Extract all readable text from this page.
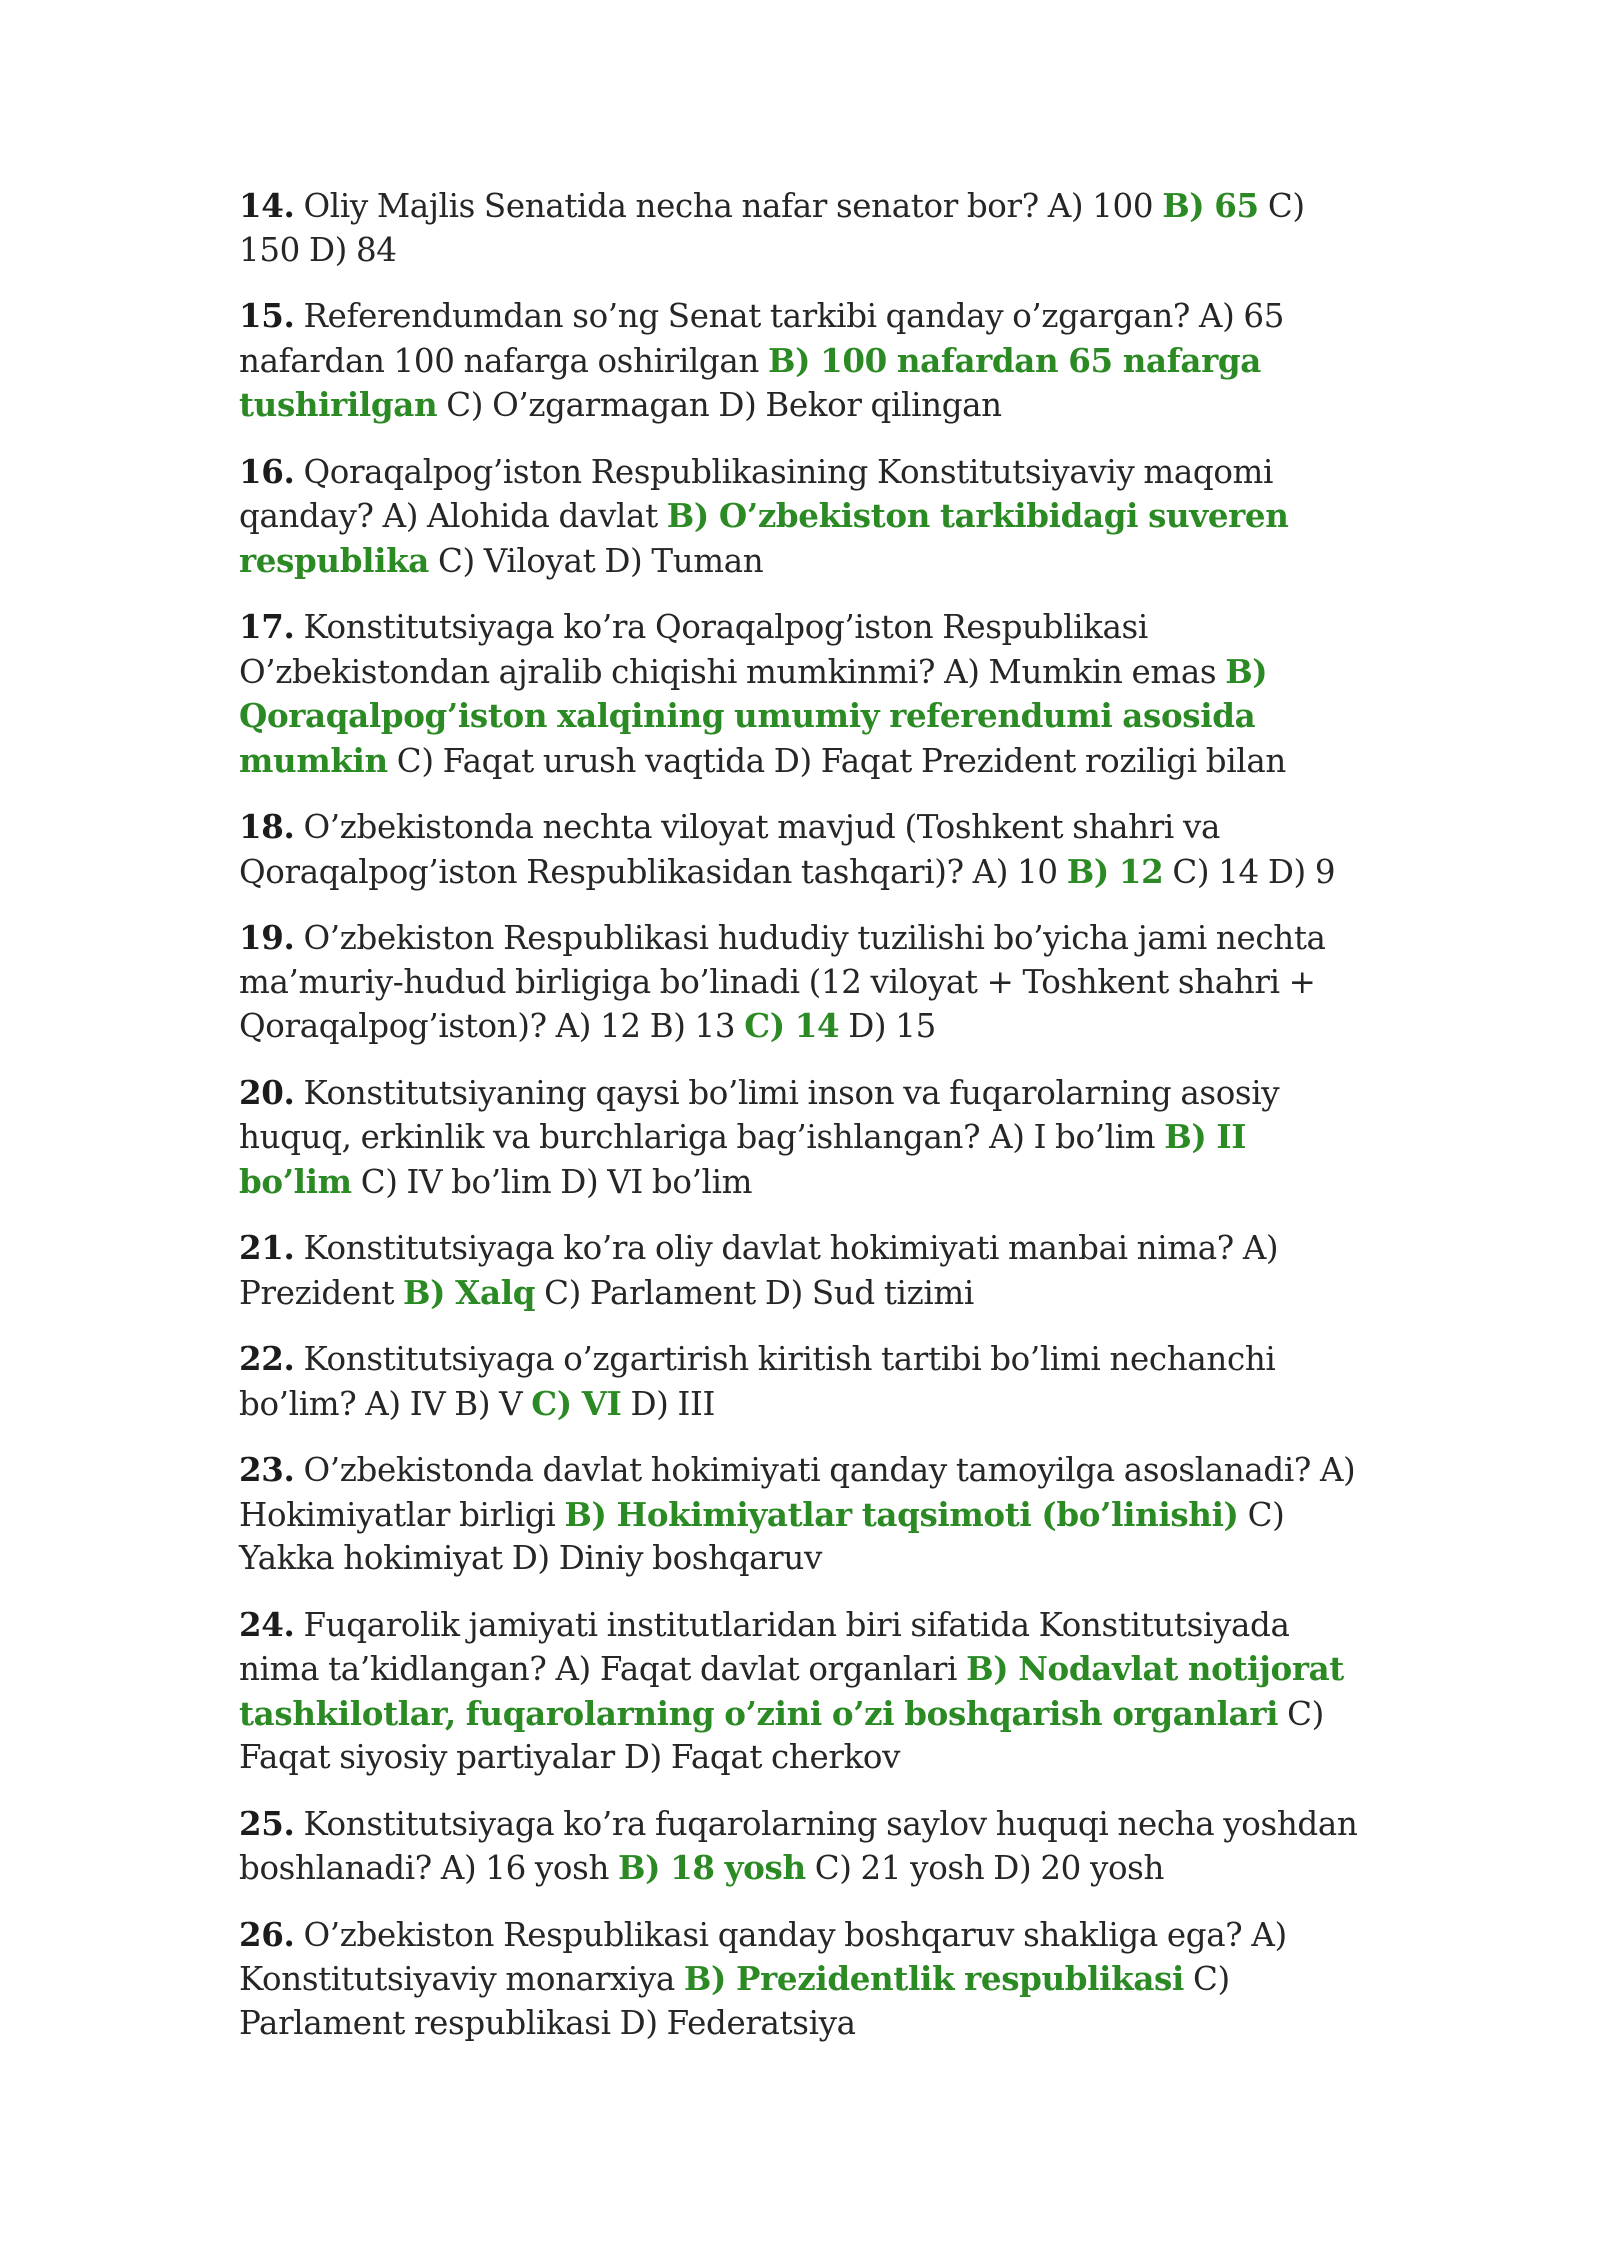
14. Oliy Majlis Senatida necha nafar senator bor? A) 100 B) 65 C) 150 D) 84

15. Referendumdan so’ng Senat tarkibi qanday o’zgargan? A) 65 nafardan 100 nafarga oshirilgan B) 100 nafardan 65 nafarga tushirilgan C) O’zgarmagan D) Bekor qilingan

16. Qoraqalpog’iston Respublikasining Konstitutsiyaviy maqomi qanday? A) Alohida davlat B) O’zbekiston tarkibidagi suveren respublika C) Viloyat D) Tuman

17. Konstitutsiyaga ko’ra Qoraqalpog’iston Respublikasi O’zbekistondan ajralib chiqishi mumkinmi? A) Mumkin emas B) Qoraqalpog’iston xalqining umumiy referendumi asosida mumkin C) Faqat urush vaqtida D) Faqat Prezident roziligi bilan

18. O’zbekistonda nechta viloyat mavjud (Toshkent shahri va Qoraqalpog’iston Respublikasidan tashqari)? A) 10 B) 12 C) 14 D) 9

19. O’zbekiston Respublikasi hududiy tuzilishi bo’yicha jami nechta ma’muriy-hudud birligiga bo’linadi (12 viloyat + Toshkent shahri + Qoraqalpog’iston)? A) 12 B) 13 C) 14 D) 15

20. Konstitutsiyaning qaysi bo’limi inson va fuqarolarning asosiy huquq, erkinlik va burchlariga bag’ishlangan? A) I bo’lim B) II bo’lim C) IV bo’lim D) VI bo’lim

21. Konstitutsiyaga ko’ra oliy davlat hokimiyati manbai nima? A) Prezident B) Xalq C) Parlament D) Sud tizimi

22. Konstitutsiyaga o’zgartirish kiritish tartibi bo’limi nechanchi bo’lim? A) IV B) V C) VI D) III

23. O’zbekistonda davlat hokimiyati qanday tamoyilga asoslanadi? A) Hokimiyatlar birligi B) Hokimiyatlar taqsimoti (bo’linishi) C) Yakka hokimiyat D) Diniy boshqaruv

24. Fuqarolik jamiyati institutlaridan biri sifatida Konstitutsiyada nima ta’kidlangan? A) Faqat davlat organlari B) Nodavlat notijorat tashkilotlar, fuqarolarning o’zini o’zi boshqarish organlari C) Faqat siyosiy partiyalar D) Faqat cherkov

25. Konstitutsiyaga ko’ra fuqarolarning saylov huquqi necha yoshdan boshlanadi? A) 16 yosh B) 18 yosh C) 21 yosh D) 20 yosh

26. O’zbekiston Respublikasi qanday boshqaruv shakliga ega? A) Konstitutsiyaviy monarxiya B) Prezidentlik respublikasi C) Parlament respublikasi D) Federatsiya
